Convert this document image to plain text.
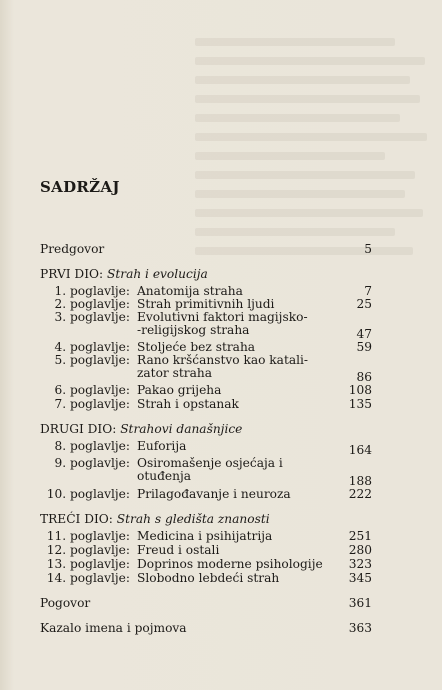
SADRŽAJ
Predgovor	5
PRVI DIO: Strah i evolucija
1. poglavlje: Anatomija straha	7
2. poglavlje: Strah primitivnih ljudi	25
3. poglavlje: Evolutivni faktori magijsko-
-religijskog straha	47
4. poglavlje: Stoljeće bez straha	59
5. poglavlje: Rano kršćanstvo kao katali-
zator straha	86
6. poglavlje: Pakao grijeha	108
7. poglavlje: Strah i opstanak	135
DRUGI DIO: Strahovi današnjice
8. poglavlje: Euforija	164
9. poglavlje: Osiromašenje osjećaja i
otuđenja	188
10. poglavlje: Prilagođavanje i neuroza	222
TREĆI DIO: Strah s gledišta znanosti
11. poglavlje: Medicina i psihijatrija	251
12. poglavlje: Freud i ostali	280
13. poglavlje: Doprinos moderne psihologije 323
14. poglavlje: Slobodno lebdeći strah	345
Pogovor	361
Kazalo imena i pojmova	363
